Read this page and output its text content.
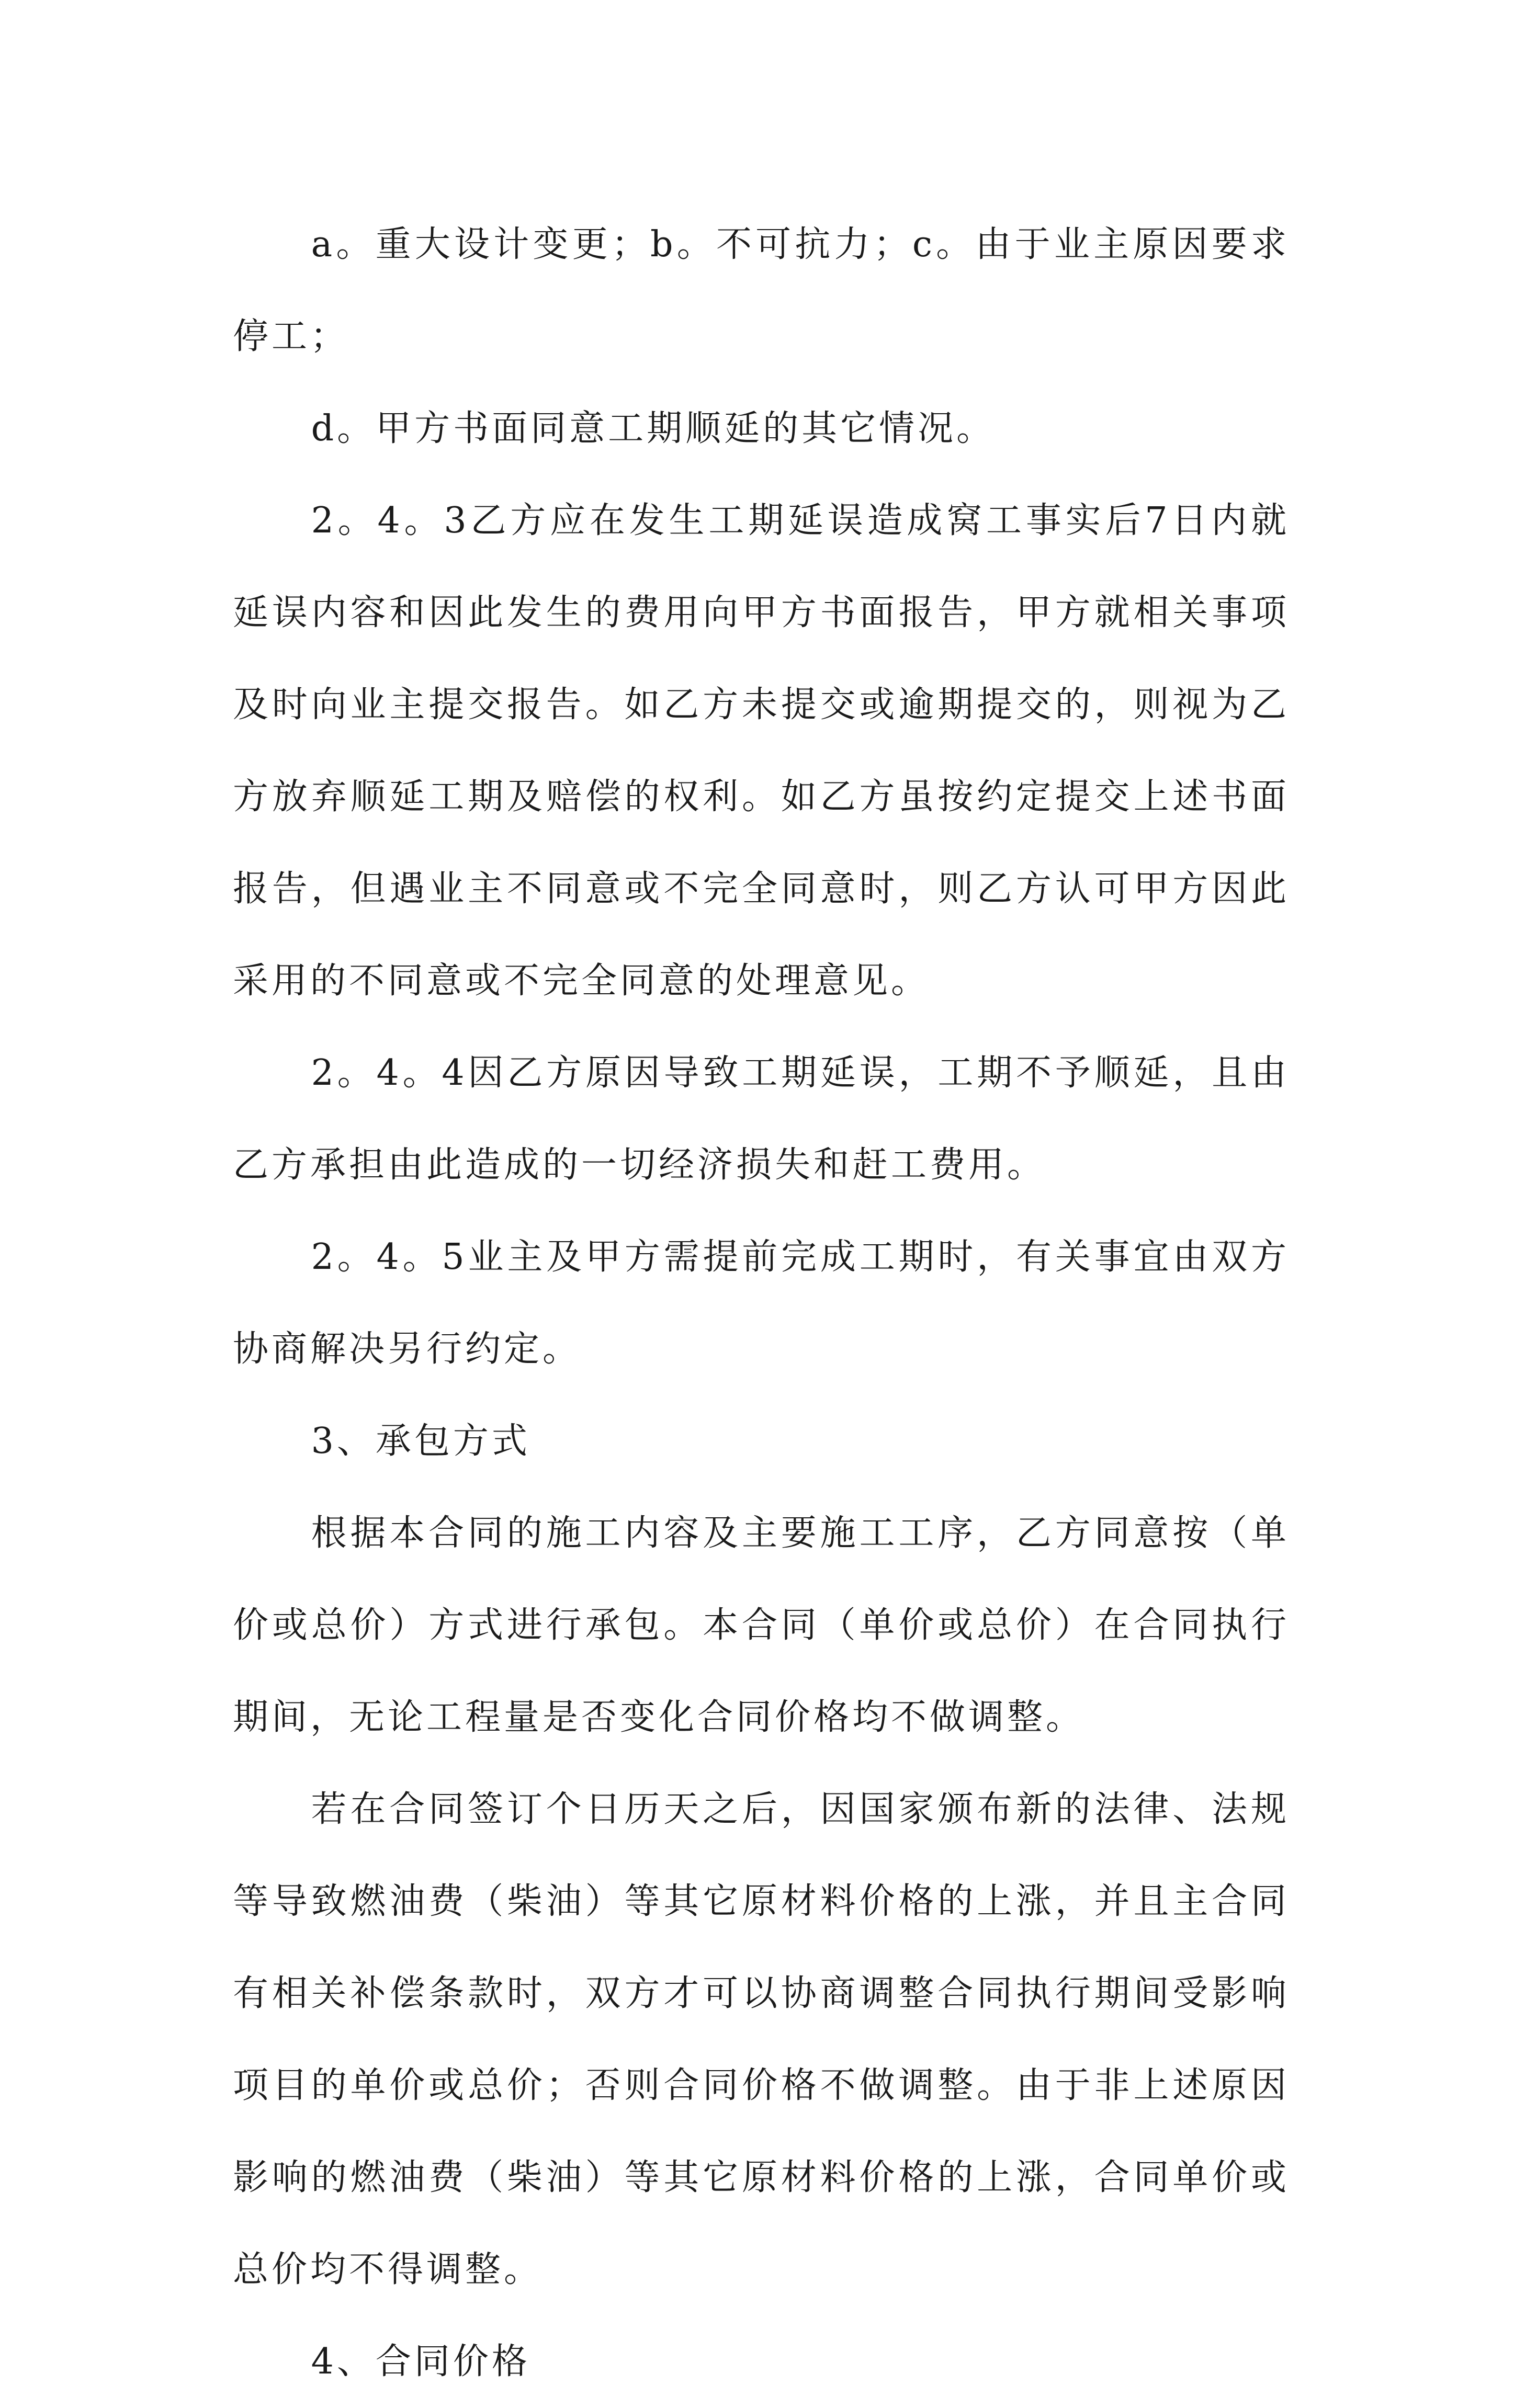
a。重大设计变更；b。不可抗力；c。由于业主原因要求停工；

d。甲方书面同意工期顺延的其它情况。

2。4。3乙方应在发生工期延误造成窝工事实后7日内就延误内容和因此发生的费用向甲方书面报告，甲方就相关事项及时向业主提交报告。如乙方未提交或逾期提交的，则视为乙方放弃顺延工期及赔偿的权利。如乙方虽按约定提交上述书面报告，但遇业主不同意或不完全同意时，则乙方认可甲方因此采用的不同意或不完全同意的处理意见。

2。4。4因乙方原因导致工期延误，工期不予顺延，且由乙方承担由此造成的一切经济损失和赶工费用。

2。4。5业主及甲方需提前完成工期时，有关事宜由双方协商解决另行约定。

3、承包方式

根据本合同的施工内容及主要施工工序，乙方同意按（单价或总价）方式进行承包。本合同（单价或总价）在合同执行期间，无论工程量是否变化合同价格均不做调整。

若在合同签订个日历天之后，因国家颁布新的法律、法规等导致燃油费（柴油）等其它原材料价格的上涨，并且主合同有相关补偿条款时，双方才可以协商调整合同执行期间受影响项目的单价或总价；否则合同价格不做调整。由于非上述原因影响的燃油费（柴油）等其它原材料价格的上涨，合同单价或总价均不得调整。

4、合同价格
